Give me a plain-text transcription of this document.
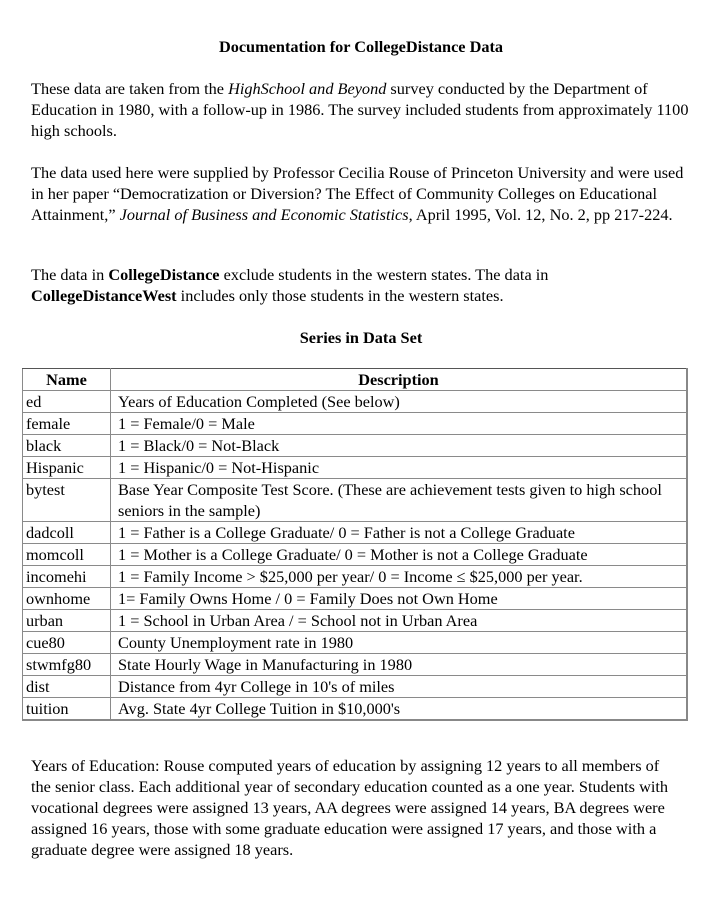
Documentation for CollegeDistance Data

These data are taken from the HighSchool and Beyond survey conducted by the Department of Education in 1980, with a follow-up in 1986. The survey included students from approximately 1100 high schools.

The data used here were supplied by Professor Cecilia Rouse of Princeton University and were used in her paper “Democratization or Diversion? The Effect of Community Colleges on Educational Attainment,” Journal of Business and Economic Statistics, April 1995, Vol. 12, No. 2, pp 217-224.

The data in CollegeDistance exclude students in the western states. The data in CollegeDistanceWest includes only those students in the western states.

Series in Data Set
Name	Description
ed	Years of Education Completed (See below)
female	1 = Female/0 = Male
black	1 = Black/0 = Not-Black
Hispanic	1 = Hispanic/0 = Not-Hispanic
bytest	Base Year Composite Test Score. (These are achievement tests given to high school seniors in the sample)
dadcoll	1 = Father is a College Graduate/ 0 = Father is not a College Graduate
momcoll	1 = Mother is a College Graduate/ 0 = Mother is not a College Graduate
incomehi	1 = Family Income > $25,000 per year/ 0 = Income ≤ $25,000 per year.
ownhome	1= Family Owns Home / 0 = Family Does not Own Home
urban	1 = School in Urban Area / = School not in Urban Area
cue80	County Unemployment rate in 1980
stwmfg80	State Hourly Wage in Manufacturing in 1980
dist	Distance from 4yr College in 10's of miles
tuition	Avg. State 4yr College Tuition in $10,000's

Years of Education: Rouse computed years of education by assigning 12 years to all members of the senior class. Each additional year of secondary education counted as a one year. Students with vocational degrees were assigned 13 years, AA degrees were assigned 14 years, BA degrees were assigned 16 years, those with some graduate education were assigned 17 years, and those with a graduate degree were assigned 18 years.
